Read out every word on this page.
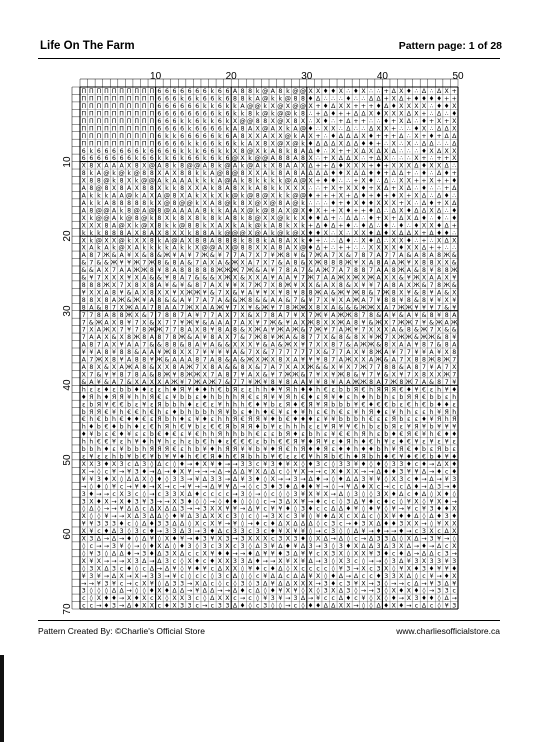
Life On The Farm	Pattern page: 1 of 28
10	20	30	40	50
10
20
30
40
50
60
70
Π Π Π Π Π Π Π Π Π Π 6 6 6 6 6 6 6 k 6 6 A 8 8 k @ A 8 k @ @ X X ♦ ♦ X ∴ ♦ X ∴ ∴ + Δ X ♦ ∴ Δ ∴ Δ X +
Π Π Π Π Π Π Π Π Π Π 6 6 6 k 6 k 6 6 k 6 8 8 k A @ k k @ 8 8 ♦ Δ ∴ ∴ ∴ ♦ ∴ ∴ Δ Δ + X Δ + ♦ ♦ ♦ ♦ + +
Π Π Π Π Π Π Π Π Π Π 6 6 6 6 6 6 k k 6 k k A @ @ k X @ X @ @ X + ♦ Δ X X + + + ♦ Δ ♦ X X X X ∴ ♦ ♦ X
Π Π Π Π Π Π Π Π Π Π 6 6 6 6 6 6 6 6 k 6 k k 8 k @ k @ @ k 8 ∴ + Δ ♦ + + Δ Δ X ♦ X X X Δ X + ∴ Δ ∴ ♦
Π Π Π Π Π Π Π Π Π Π 6 6 6 k k 6 k k 6 k X @ @ 8 8 X @ X 8 X ∴ X ♦ ∴ + Δ + + ∴ ∴ ♦ + X Δ ∴ ♦ + X + X
Π Π Π Π Π Π Π Π Π Π 6 6 6 6 k 6 6 6 6 k A 8 A X @ A X k A @ ♦ ∴ X X ∴ Δ ∴ ∴ Δ X X + ∴ ∴ ♦ X ∴ Δ Δ X
Π Π Π Π Π Π Π Π Π Π 6 k k 6 6 6 6 6 k 6 A 8 X X A X X @ k A X + ∴ ♦ Δ Δ Δ X ♦ + + + Δ ∴ X + ♦ + Δ Δ
Π Π Π Π Π Π Π Π Π Π 6 6 6 6 k k 6 6 k 6 k k A X 8 X @ X @ k ♦ Δ Δ Δ X Δ Δ ♦ ♦ + ∴ X ∴ X ∴ Δ Δ ∴ ∴ Δ
6 k 6 6 6 6 6 6 k 6 6 6 6 k k k 6 6 k k X 8 @ X k A 8 k 8 A Δ ♦ ∴ X + + X Δ X Δ X Δ ∴ ∴ ∴ ♦ X Δ X X
6 6 6 6 6 6 6 k 6 6 k k 6 k 6 6 k 6 k 6 @ X k @ @ A 8 8 A 8 X ∴ + X Δ Δ X ∴ + Δ X ∴ ∴ ∴ X + ∴ + + X
X 8 X A A A X 8 X @ A 8 k 8 @ @ A 8 k @ A k @ A k X 8 A A X Δ + + Δ ♦ X X X + ♦ + X X X Δ ♦ X X Δ ∴
8 k A @ k @ k @ 8 8 X A X 8 8 k k A @ 8 @ 8 X X A k 8 A 8 A Δ Δ Δ ♦ ♦ X Δ Δ ♦ ♦ + Δ Δ + ∴ ♦ ∴ Δ ♦ +
X 8 8 @ k 8 X k @ @ A k A A A k k k A @ A k 8 k k k k @ A @ X + ♦ ♦ ∴ ∴ + X ♦ ∴ Δ ∴ X X + + X + + ♦
A 8 @ 8 X 8 A X 8 8 X k k 8 X X A k 8 A 8 X k A 8 k k X X X ∴ ∴ + X + X X ♦ + X Δ + X Δ ∴ ♦ ∴ ∴ + Δ
A k k k A A @ k A X A @ 8 X A k X k X k @ k @ 8 @ X k k @ @ ♦ + + + X + Δ ♦ + ♦ + ♦ X + X Δ ∴ Δ ♦ ∴
A k k A 8 8 8 8 8 k X @ 8 @ @ k X A 8 @ k 8 X @ X @ 8 A @ k ∴ ∴ ∴ ♦ + ♦ X ♦ ♦ X X X + X ∴ Δ ♦ + X Δ
A 8 @ @ A k 8 @ A @ 8 @ A A A A 8 k k A A X @ k @ 8 A X @ X ♦ X + + X ♦ + + ♦ Δ ∴ Δ X ♦ Δ Δ X Δ ∴ ♦
X k @ @ A k @ 8 @ k 8 X k 8 X 8 k 8 k A 8 k 8 @ X X @ k k X ♦ ♦ Δ + ∴ Δ Δ ∴ ♦ + X + Δ X Δ ♦ ∴ ♦ ∴ ♦
X X X 8 A @ X k @ X 8 k k @ 8 8 k X A X k A k @ k A 8 k X k + Δ ♦ Δ + ♦ ∴ ♦ Δ ∴ ♦ ∴ ♦ ∴ ♦ X X ♦ Δ +
k k k 8 8 8 A X 8 A X 8 X X k 8 8 A k @ @ @ X @ A k @ k @ X ♦ ♦ X ∴ X ∴ X X ♦ Δ ♦ X Δ Δ X + Δ ♦ ♦ ∴
X k @ X X @ k X X 8 k A @ A X 8 8 A 8 8 8 k 8 8 k A 8 A X k ♦ + ∴ ∴ Δ ♦ ∴ X ♦ Δ ∴ X X ♦ ∴ + ∴ X Δ X
X A k A k @ X A k k k k A k k X @ @ A X @ 8 8 X X A 8 A X @ ♦ Δ + ∴ + + ∴ ∴ X X X X ♦ X X Δ + + ∴ ∴
A 8 7 Ж & A ¥ X & 8 & Ж ¥ A ¥ 7 Ж & ¥ 7 7 A 7 X 7 ¥ Ж 8 ¥ & 7 Ж A 7 X & 7 8 7 A 7 7 A & A 8 A 8 Ж &
& 7 & & Ж ¥ ¥ Ж 7 Ж 8 & 8 A & 7 A X A & Ж X A 7 X 7 & A 8 & X Ж 8 8 8 Ж ¥ X A 8 A A Ж ¥ X 8 8 X X &
& & A X 7 A A Ж Ж 8 ¥ 8 A 8 8 8 8 8 Ж Ж Ж 7 Ж & A ¥ 7 8 A 7 & A Ж 7 A 7 8 8 7 A A 8 Ж A & 8 ¥ 8 8 Ж
& ¥ 7 X X X ¥ X A & & ¥ 8 A 7 & & & X Ж X & X X A ¥ A A ¥ 7 Ж 7 A A Ж X Ж X Ж A X X & ¥ Ж X A A X ¥
8 8 8 Ж X 7 X 8 X 8 A ¥ & ¥ & 8 7 A X ¥ ¥ X 7 Ж 7 X 8 Ж ¥ X X & A X 8 & X ¥ ¥ 7 A 8 A X Ж & 7 8 Ж &
¥ X X A 8 ¥ & A X 8 X X ¥ X Ж Ж ¥ & 7 X & ¥ A ¥ ¥ X ¥ 8 ¥ 8 8 Ж A & Ж ¥ Ж 8 & 7 Ж 8 X ¥ & 8 ¥ A & X
8 8 X 8 A Ж & Ж ¥ A 8 & & A ¥ 7 A 7 A & & Ж 8 & & A A & 7 & ¥ 7 X ¥ X A Ж A 7 ¥ 8 8 ¥ 8 & 8 ¥ ¥ X ¥
8 A & 8 7 X Ж A A 7 8 A A 7 Ж X A A Ж ¥ 7 X ¥ & Ж ¥ 7 8 Ж Ж X 8 X A & & & Ж Ж X A 7 Ж Ж ¥ ¥ ¥ 7 & ¥
7 7 8 A 8 8 Ж X & 7 7 8 8 7 A ¥ 7 7 A X 7 X & X 7 8 A 7 ¥ X 7 Ж ¥ A Ж Ж 8 7 8 & A ¥ & A ¥ & 8 ¥ 8 A
7 & Ж A X 8 ¥ 7 X & X 7 7 ¥ Ж ¥ & A A A 7 A X ¥ 7 Ж & ¥ A X Ж 8 X X Ж A 8 ¥ & Ж X 7 Ж Ж 7 ¥ & Ж A Ж
7 X A Ж X 7 ¥ 7 8 Ж Ж 7 7 8 A X 8 ¥ 8 A 8 & X Ж A ¥ Ж A Ж & 7 Ж ¥ 7 A Ж ¥ 7 X X X A & 8 & Ж 7 X & &
7 A A X & X 8 Ж 8 A 8 7 8 Ж & A ¥ 8 A X 7 & 7 Ж 8 ¥ Ж A & 8 7 7 X & 8 & 8 X ¥ Ж 7 X Ж Ж & Ж Ж & 8 ¥
A 8 7 A X ¥ A A 7 & & 8 8 & 8 A ¥ A & & X X X ¥ & A & Ж X ¥ 7 X X 8 7 & A Ж Ж & 8 X A A ¥ 8 7 & 8 A
¥ ¥ A 8 ¥ 8 8 & A A ¥ Ж 8 X X 7 ¥ ¥ ¥ ¥ A & 7 X & 7 7 7 7 7 7 X & 7 7 A X ¥ 8 Ж A ¥ 7 7 ¥ ¥ A ¥ X 8
A 7 Ж X 8 ¥ A 8 8 ¥ Ж & A A A 8 7 A 8 & A & Ж X Ж X 8 X A ¥ ¥ ¥ 8 7 A Ж X X A Ж & A 7 X 8 8 Ж 8 Ж 7
A 8 X & X A Ж A 8 & X X 8 A Ж 7 X 8 A & & 8 X & 7 A 7 X A X Ж & & X ¥ X 7 Ж 7 7 8 8 & A 8 7 ¥ A 7 X
X 7 & ¥ ¥ 8 7 8 A & 8 Ж ¥ 8 Ж Ж X 7 A 8 7 ¥ A X & ¥ 7 Ж Ж & 7 ¥ X ¥ Ж 8 & ¥ 7 ¥ & X ¥ 7 X 8 X X Ж 7
& A ¥ & A 7 & X A X X A Ж ¥ 7 Ж A Ж 7 & 7 7 ¥ Ж ¥ 8 ¥ 8 A A ¥ ¥ 8 ¥ A A Ж Ж 8 A 7 Ж 8 Ж 7 A & 8 7 ¥
h ε ε ♦ ε b b ♦ ♦ ε ε h ♦ Я ¥ ♦ ♦ h € b Я ε ε h h ♦ ¥ Я h ♦ ♦ h € ε b b Я € h Я Я Я € ♦ ¥ € ε h ¥ ♦
♦ Я h ♦ Я Я ¥ h h Я € ε ¥ b b ε ♦ h b h h Я € ε Я ¥ ¥ Я h € ♦ ε Я ¥ ♦ ε h ♦ h b h ε b Я Я € b b ε h
ε b Я ¥ € € b ε ¥ ε Я b b h ♦ ε € ε ¥ h h h € ♦ ¥ b ε Я ♦ € Я ¥ Я b b b ¥ € ♦ € € b ε € h € b ♦ ♦ ε
b Я Я € ¥ h € € h € h ε ♦ b h b b h Я ¥ b ε ♦ h ♦ € ¥ ε ♦ ¥ h ε € h € ε ¥ h Я ♦ ε ¥ h h ε ε h ¥ Я h
€ h € b h € ♦ ♦ € ε Я b h ♦ ε ¥ ♦ ε h h Я € Я Я ¥ ♦ b € ♦ ♦ ♦ ε ¥ ¥ b b b h € ε ε Я b ε ε ♦ ¥ Я h Я
h ♦ b € ♦ b h ♦ ε € h Я h € ¥ b ε € € Я b Я Я ♦ b ¥ ε h h h ε ε ¥ Я ¥ ¥ € h b ε b Я ε ¥ Я ¥ b ¥ ¥ ¥
♦ ¥ b ε € ♦ ¥ ε ε b € ♦ € ε ¥ € h h Я h h b h € ε ε b Я ♦ ε b h ε ¥ € € h Я h ε b ♦ € Я € ¥ h € ♦ ♦
h h € € ¥ ε h ¥ ♦ h ¥ h ε h ε b € h ♦ ε € € € ε b h € € Я ¥ ♦ Я ¥ ε ♦ Я h ♦ € h ¥ ε ♦ € ¥ ε ¥ ε ¥ ε
b b h ♦ ε ¥ b b h Я Я Я € ε h b ¥ ♦ h Я Я ¥ ¥ b ¥ ♦ Я € h Я ♦ ♦ Я ε ♦ ♦ h ♦ ♦ b h ¥ Я € ♦ b ε Я b ε
ε ¥ ε ε h b ¥ b € ¥ b ¥ ¥ ♦ h € € Я ♦ h € Я b h b ¥ € ε ε € ¥ h Я b € h ♦ Я b h ♦ € ¥ ♦ € € b ♦ ¥ ♦
X X 3 ♦ X 3 c Δ 3 ◊ Δ c ◊ ♦ → ♦ X ¥ ♦ → → 3 3 c ¥ 3 ♦ ¥ X ◊ ♦ 3 c ◊ 3 3 ¥ ♦ ◊ ♦ ◊ 3 3 ♦ c ♦ → Δ X ♦
X → ◊ c ¥ → ¥ 3 ♦ → Δ → ♦ X ¥ → → → Δ → Δ Δ ¥ X Δ Δ c ◊ ¥ X → → c X ♦ X X → → Δ ♦ ♦ 3 ¥ ¥ Δ → ♦ c ♦
¥ ¥ 3 ♦ X ◊ Δ Δ X ◊ ♦ ◊ 3 3 → ¥ Δ 3 3 → Δ ¥ 3 ♦ ◊ X → → 3 → Δ ♦ → ◊ ♦ Δ Δ 3 ¥ ¥ ◊ X 3 c ♦ → Δ → ¥ 3
→ ◊ ♦ ◊ ¥ c → ¥ ♦ → X → c → ¥ → → Δ ¥ ¥ Δ → ◊ c 3 ♦ 3 ♦ Δ ♦ ♦ ¥ → ◊ → ¥ Δ ♦ X c → c c Δ ♦ → Δ 3 → ♦
3 ♦ → → c X 3 c ◊ → c 3 3 X Δ ♦ c c c c → 3 ◊ → ◊ c ◊ ◊ 3 ¥ X ¥ X → Δ ◊ 3 ◊ ◊ 3 X ♦ Δ c ♦ Δ ◊ X ♦ ◊
3 X ♦ X → X ♦ 3 ¥ 3 → → X 3 ♦ ◊ ◊ → ◊ ♦ ♦ ◊ ◊ ◊ c → 3 Δ X ¥ → ♦ c c ◊ 3 Δ ¥ ♦ c ♦ c ◊ ¥ X ◊ ¥ X ♦ →
◊ Δ ◊ → → ¥ Δ Δ c Δ X Δ Δ 3 → → 3 X X ¥ ¥ → Δ ¥ c ¥ ¥ ♦ ◊ 3 ♦ c c Δ Δ ♦ ¥ ◊ ♦ ¥ ◊ ¥ → ¥ c ¥ 3 ♦ ♦ X
X ◊ ◊ ¥ → → X Δ 3 Δ Δ ◊ ♦ ¥ Δ 3 Δ X X c 3 ◊ c ◊ → 3 X c 3 ¥ ◊ ¥ ♦ Δ X c X Δ c ◊ X ¥ ♦ ♦ Δ ◊ Δ ♦ 3 ♦
¥ ¥ 3 3 3 ♦ c ◊ Δ ♦ 3 3 Δ Δ ◊ X c X ¥ → ¥ ◊ → ♦ c ♦ Δ X Δ Δ Δ ◊ c 3 c → ♦ 3 X Δ ♦ ♦ 3 X X → ◊ ¥ X X
X ¥ c ♦ Δ 3 ◊ 3 c ♦ → 3 3 Δ 3 → 3 ♦ Δ c 3 3 c 3 c ♦ ¥ X ¥ ¥ ◊ → c 3 ◊ ◊ Δ ¥ → ♦ → → ♦ → c 3 X c Δ X
X 3 Δ → Δ → ♦ ◊ Δ ¥ ◊ X ♦ ¥ → ♦ 3 ¥ X 3 → 3 X X X c 3 X 3 ♦ ◊ X Δ → Δ ◊ c → Δ 3 3 Δ ◊ X Δ → 3 ¥ → ◊
◊ c → → 3 ¥ ◊ → ◊ ♦ X Δ ◊ ♦ 3 ◊ 3 c 3 X c 3 ◊ Δ 3 ¥ Δ ♦ ¥ Δ 3 → 3 ◊ 3 ♦ X Δ Δ 3 Δ 3 X Δ → ♦ → Δ c X
◊ ¥ 3 ◊ Δ Δ ♦ → 3 ♦ Δ 3 X Δ c c X ¥ ♦ ♦ → → ♦ Δ ¥ ¥ ♦ 3 Δ ¥ ¥ c X 3 X ◊ X X ¥ 3 ♦ c ♦ Δ → Δ Δ c 3 →
X ¥ X → → → X 3 Δ → Δ 3 c ◊ X ♦ c ♦ X X 3 3 Δ ♦ → → X ¥ X ¥ Δ → 3 ◊ X 3 c ◊ → → ◊ 3 Δ ¥ 3 X 3 3 ¥ 3
◊ 3 X Δ 3 c ♦ ◊ c Δ → Δ ¥ ◊ ¥ ♦ ¥ c Δ X X ◊ ¥ ♦ c ♦ Δ ◊ X c c c c ◊ ¥ 3 → X c 3 X ◊ ¥ X ♦ 3 ♦ ¥ ¥ ♦
¥ 3 ¥ → Δ X → X → 3 3 → ¥ c ◊ c c ◊ 3 c Δ ◊ ◊ c ¥ Δ Δ c Δ Δ ¥ X ◊ ♦ Δ → Δ c c ♦ 3 3 X Δ ◊ c ¥ → ♦ X
→ → ¥ 3 ¥ c → c X ¥ ◊ Δ 3 3 → X Δ c ◊ c ◊ 3 ◊ 3 Δ ¥ Δ Δ X X X → 3 ♦ c 3 ¥ X → 3 ◊ → → c Δ → ¥ 3 Δ ¥
3 ◊ ◊ ◊ Δ Δ → ◊ ◊ ♦ X ♦ Δ Δ → ¥ Δ Δ → → Δ ♦ c Δ ◊ ♦ ¥ X ¥ ◊ X ◊ 3 X Δ 3 ◊ → → 3 ◊ X ♦ X ♦ ◊ → 3 3 c
c ◊ X ♦ ♦ → X ♦ X c X ◊ X X 3 c ◊ Δ X X c → c ◊ ¥ 3 ¥ → 3 Δ → ¥ c c Δ ♦ c ¥ ◊ X ◊ ♦ → X 3 ♦ ♦ ◊ Δ →
c c → ♦ 3 → Δ ♦ X X c ♦ X 3 3 c → c 3 3 Δ ♦ ◊ c 3 ◊ ◊ → c ◊ ♦ ♦ Δ Δ X X → ◊ ◊ Δ ♦ X ♦ → c Δ c ◊ ¥ 3
Pattern Created By: ©Charlie's Official Store	www.charliesofficialstore.ca
